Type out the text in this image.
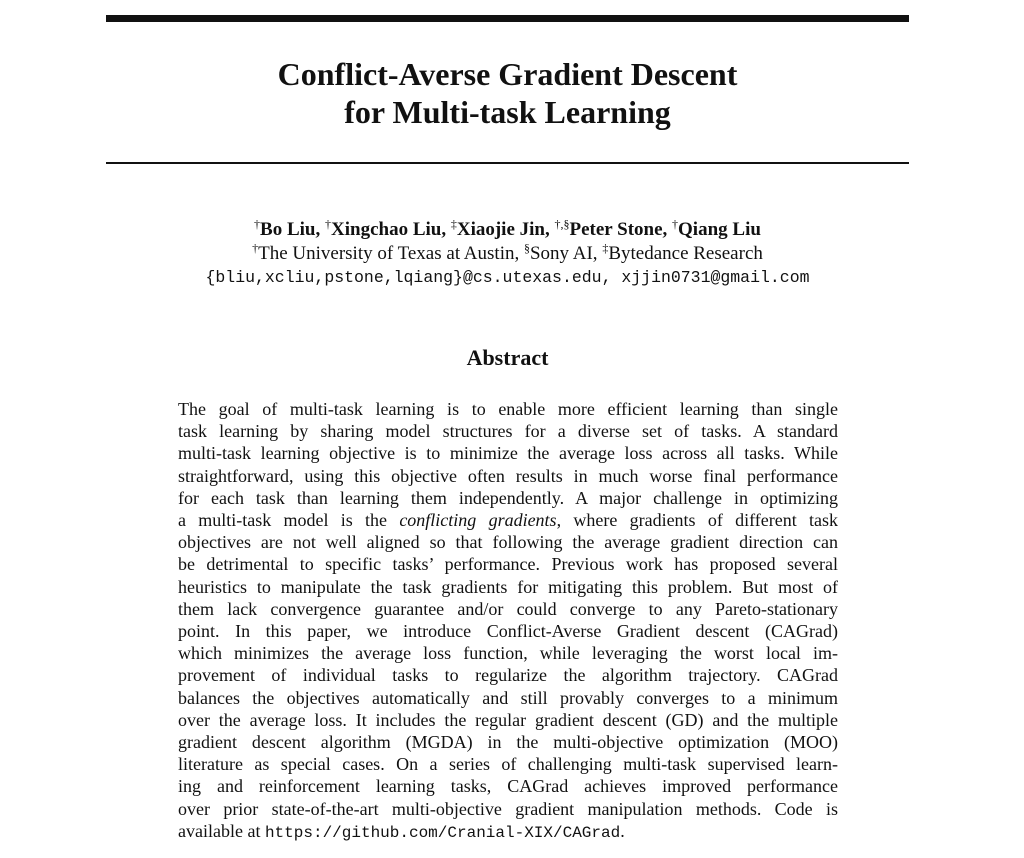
Conflict-Averse Gradient Descent
for Multi-task Learning
†Bo Liu, †Xingchao Liu, ‡Xiaojie Jin, †,§Peter Stone, †Qiang Liu
†The University of Texas at Austin, §Sony AI, ‡Bytedance Research
{bliu,xcliu,pstone,lqiang}@cs.utexas.edu, xjjin0731@gmail.com
Abstract
The goal of multi-task learning is to enable more efficient learning than single
task learning by sharing model structures for a diverse set of tasks. A standard
multi-task learning objective is to minimize the average loss across all tasks. While
straightforward, using this objective often results in much worse final performance
for each task than learning them independently. A major challenge in optimizing
a multi-task model is the conflicting gradients, where gradients of different task
objectives are not well aligned so that following the average gradient direction can
be detrimental to specific tasks’ performance. Previous work has proposed several
heuristics to manipulate the task gradients for mitigating this problem. But most of
them lack convergence guarantee and/or could converge to any Pareto-stationary
point. In this paper, we introduce Conflict-Averse Gradient descent (CAGrad)
which minimizes the average loss function, while leveraging the worst local im-
provement of individual tasks to regularize the algorithm trajectory. CAGrad
balances the objectives automatically and still provably converges to a minimum
over the average loss. It includes the regular gradient descent (GD) and the multiple
gradient descent algorithm (MGDA) in the multi-objective optimization (MOO)
literature as special cases. On a series of challenging multi-task supervised learn-
ing and reinforcement learning tasks, CAGrad achieves improved performance
over prior state-of-the-art multi-objective gradient manipulation methods. Code is
available at https://github.com/Cranial-XIX/CAGrad.
